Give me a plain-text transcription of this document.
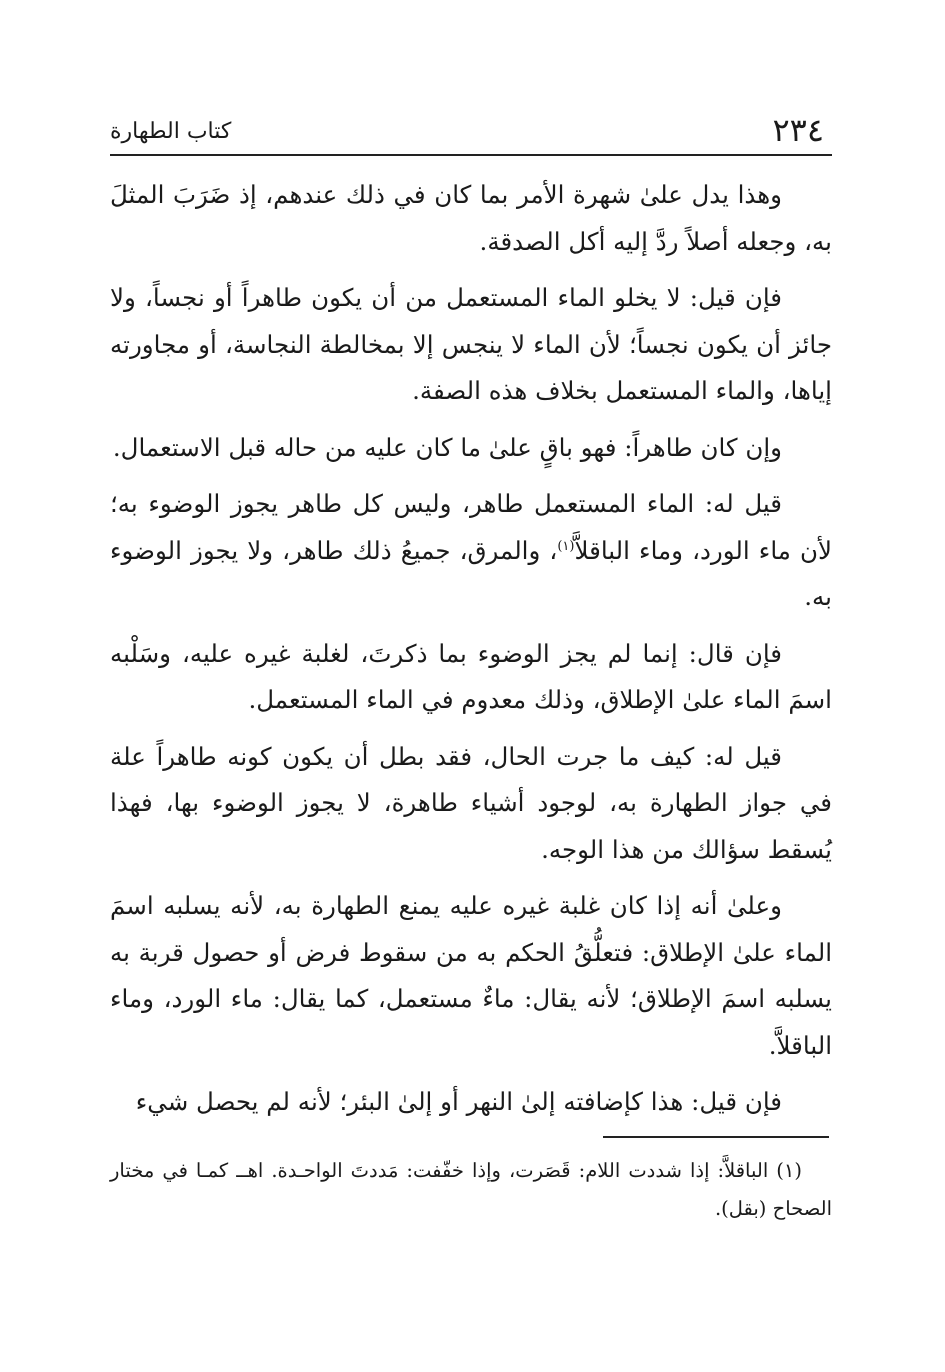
٢٣٤
كتاب الطهارة

وهذا يدل علىٰ شهرة الأمر بما كان في ذلك عندهم، إذ ضَرَبَ المثلَ به، وجعله أصلاً ردَّ إليه أكل الصدقة.

فإن قيل: لا يخلو الماء المستعمل من أن يكون طاهراً أو نجساً، ولا جائز أن يكون نجساً؛ لأن الماء لا ينجس إلا بمخالطة النجاسة، أو مجاورته إياها، والماء المستعمل بخلاف هذه الصفة.

وإن كان طاهراً: فهو باقٍ علىٰ ما كان عليه من حاله قبل الاستعمال.

قيل له: الماء المستعمل طاهر، وليس كل طاهر يجوز الوضوء به؛ لأن ماء الورد، وماء الباقلاَّ$^{(١)}$، والمرق، جميعُ ذلك طاهر، ولا يجوز الوضوء به.

فإن قال: إنما لم يجز الوضوء بما ذكرتَ، لغلبة غيره عليه، وسَلْبه اسمَ الماء علىٰ الإطلاق، وذلك معدوم في الماء المستعمل.

قيل له: كيف ما جرت الحال، فقد بطل أن يكون كونه طاهراً علة في جواز الطهارة به، لوجود أشياء طاهرة، لا يجوز الوضوء بها، فهذا يُسقط سؤالك من هذا الوجه.

وعلىٰ أنه إذا كان غلبة غيره عليه يمنع الطهارة به، لأنه يسلبه اسمَ الماء علىٰ الإطلاق: فتعلُّقُ الحكم به من سقوط فرض أو حصول قربة به يسلبه اسمَ الإطلاق؛ لأنه يقال: ماءٌ مستعمل، كما يقال: ماء الورد، وماء الباقلاَّ.

فإن قيل: هذا كإضافته إلىٰ النهر أو إلىٰ البئر؛ لأنه لم يحصل شيء

(١) الباقلاَّ: إذا شددت اللام: قَصَرت، وإذا خفّفت: مَددتَ الواحـدة. اهــ كمـا في مختار الصحاح (بقل).
